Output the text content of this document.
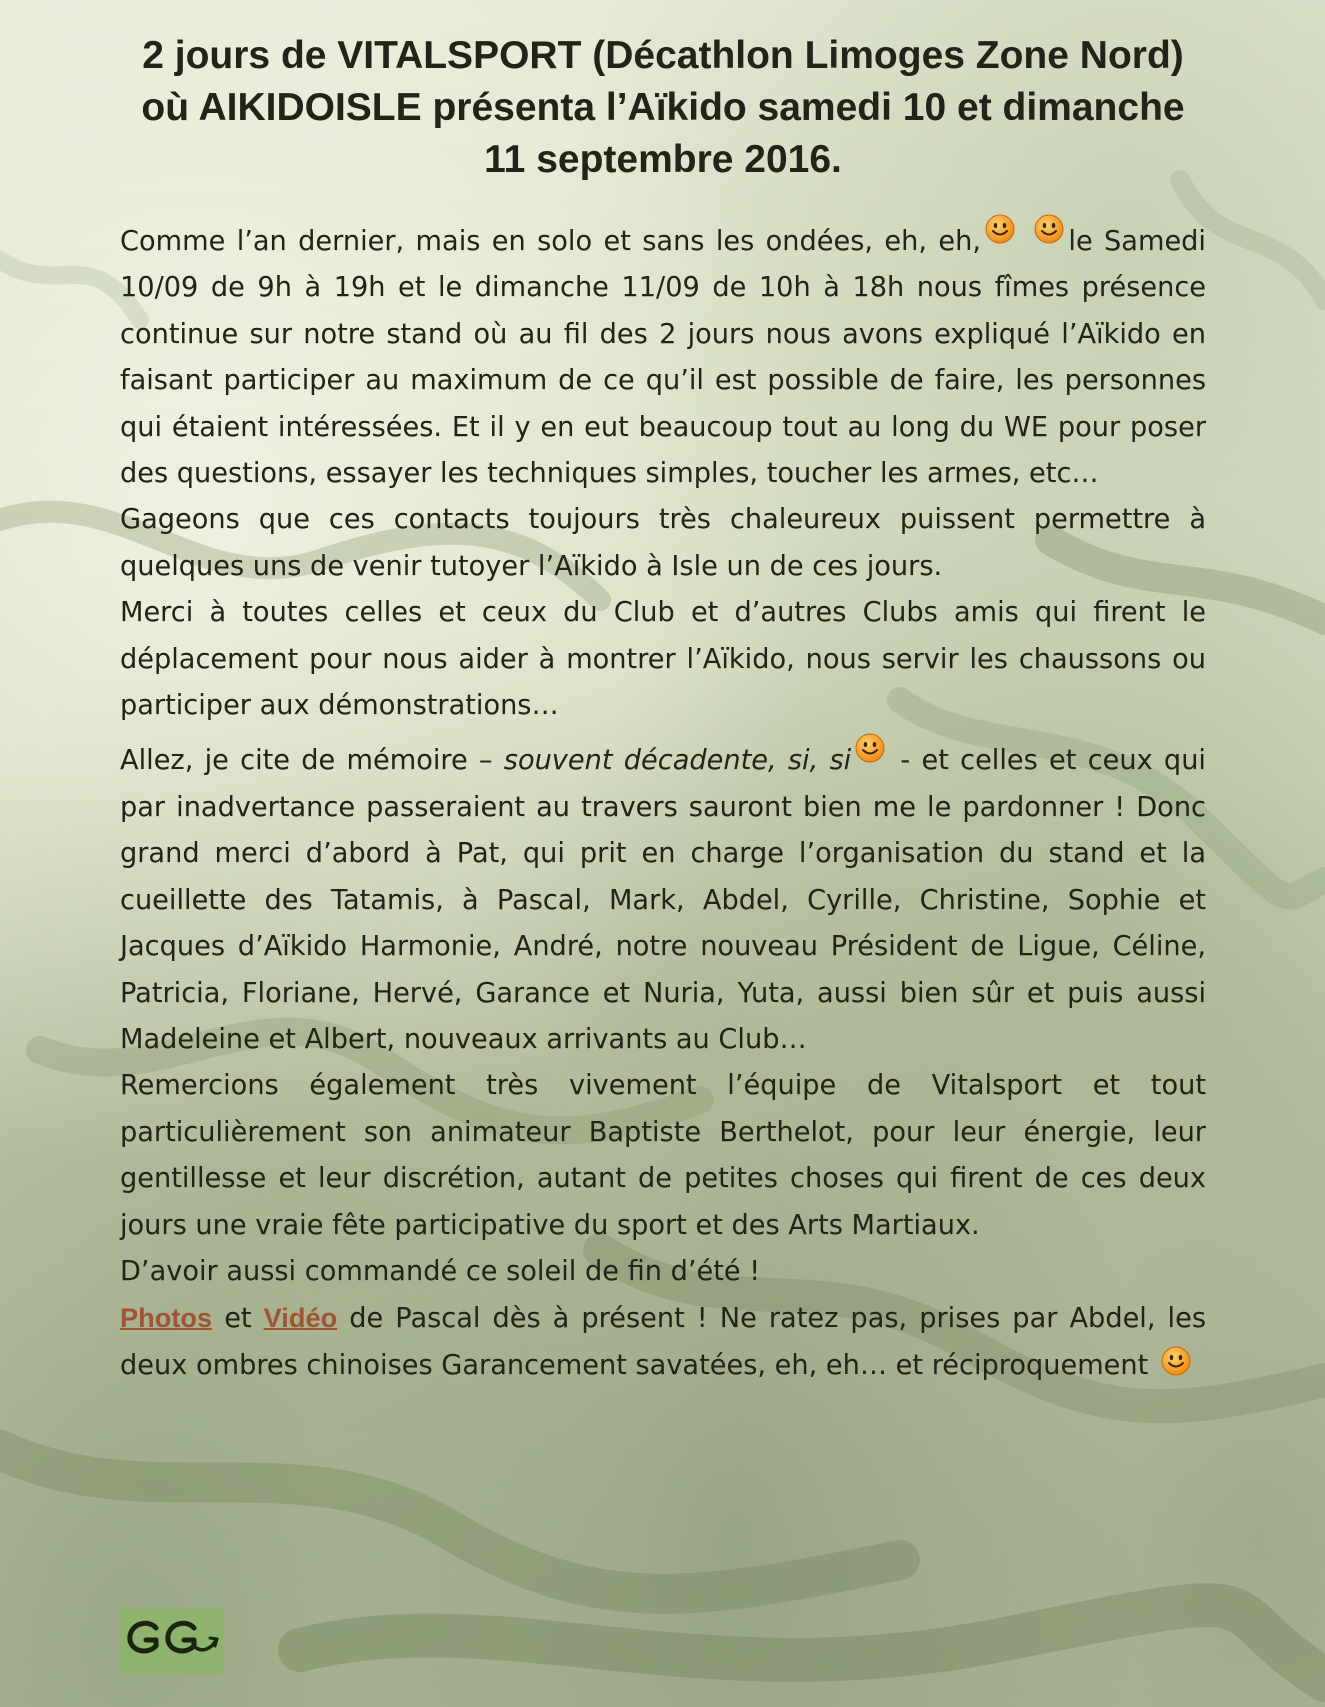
2 jours de VITALSPORT (Décathlon Limoges Zone Nord) où AIKIDOISLE présenta l’Aïkido samedi 10 et dimanche 11 septembre 2016.

Comme l’an dernier, mais en solo et sans les ondées, eh, eh,	le Samedi 10/09 de 9h à 19h et le dimanche 11/09 de 10h à 18h nous fîmes présence continue sur notre stand où au fil des 2 jours nous avons expliqué l’Aïkido en faisant participer au maximum de ce qu’il est possible de faire, les personnes qui étaient intéressées. Et il y en eut beaucoup tout au long du WE pour poser des questions, essayer les techniques simples, toucher les armes, etc…

Gageons que ces contacts toujours très chaleureux puissent permettre à quelques uns de venir tutoyer l’Aïkido à Isle un de ces jours.

Merci à toutes celles et ceux du Club et d’autres Clubs amis qui firent le déplacement pour nous aider à montrer l’Aïkido, nous servir les chaussons ou participer aux démonstrations…

Allez, je cite de mémoire – souvent décadente, si, si - et celles et ceux qui par inadvertance passeraient au travers sauront bien me le pardonner ! Donc grand merci d’abord à Pat, qui prit en charge l’organisation du stand et la cueillette des Tatamis, à Pascal, Mark, Abdel, Cyrille, Christine, Sophie et Jacques d’Aïkido Harmonie, André, notre nouveau Président de Ligue, Céline, Patricia, Floriane, Hervé, Garance et Nuria, Yuta, aussi bien sûr et puis aussi Madeleine et Albert, nouveaux arrivants au Club…

Remercions également très vivement l’équipe de Vitalsport et tout particulièrement son animateur Baptiste Berthelot, pour leur énergie, leur gentillesse et leur discrétion, autant de petites choses qui firent de ces deux jours une vraie fête participative du sport et des Arts Martiaux.

D’avoir aussi commandé ce soleil de fin d’été !

Photos et Vidéo de Pascal dès à présent ! Ne ratez pas, prises par Abdel, les deux ombres chinoises Garancement savatées, eh, eh… et réciproquement
